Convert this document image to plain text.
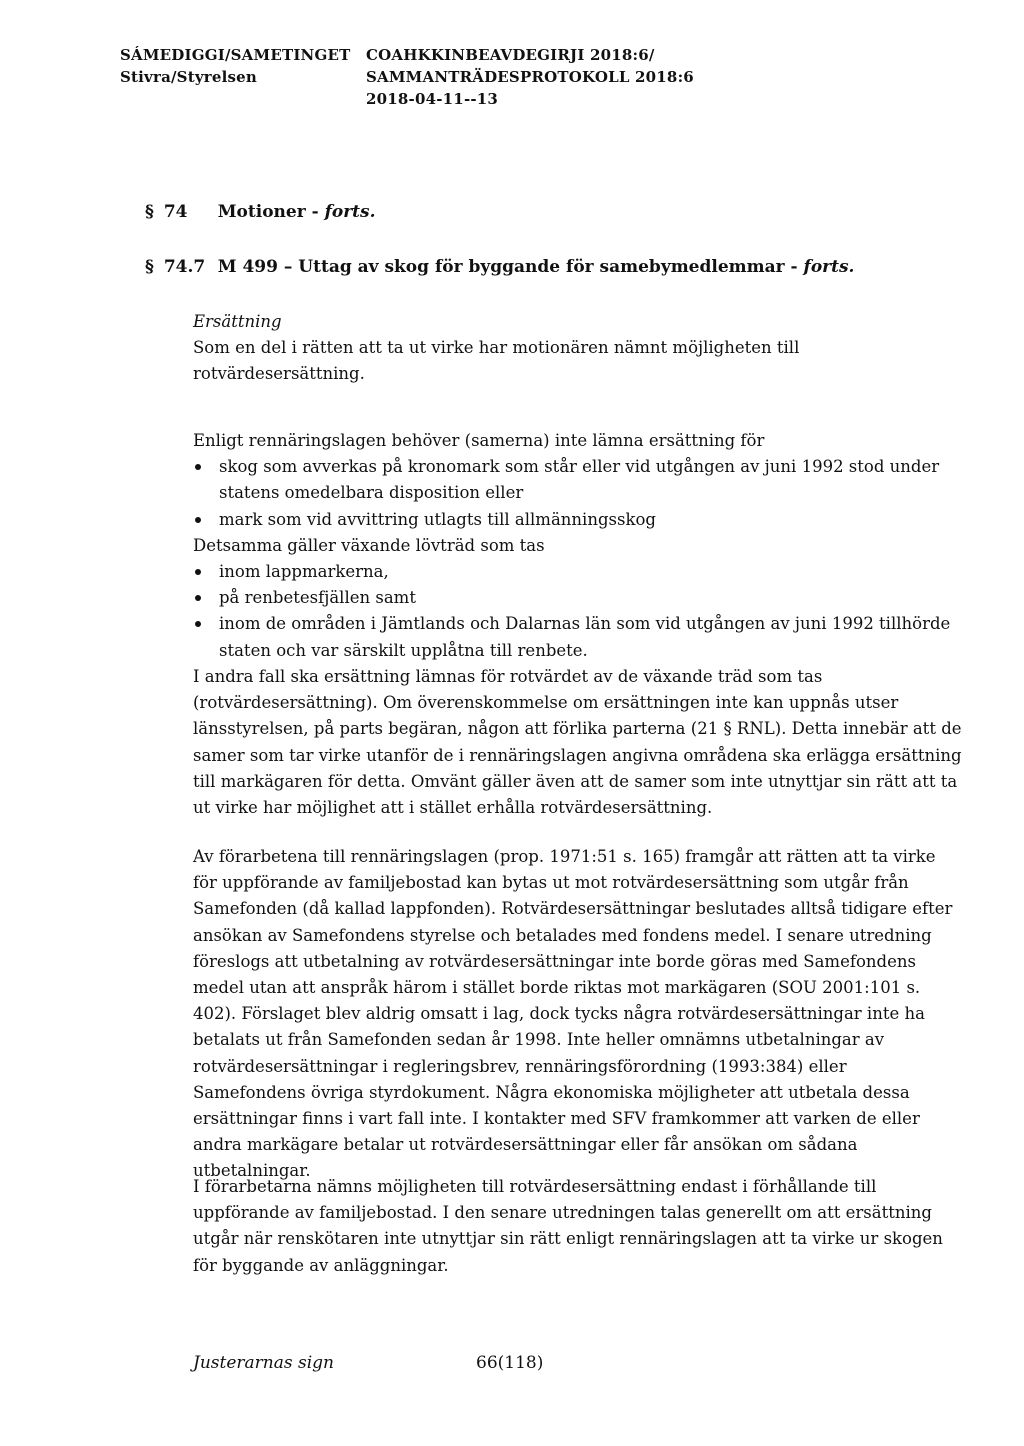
SÁMEDIGGI/SAMETINGET
Stivra/Styrelsen
COAHKKINBEAVDEGIRJI 2018:6/
SAMMANTRÄDESPROTOKOLL 2018:6
2018-04-11--13
§ 74 Motioner - forts.
§ 74.7 M 499 – Uttag av skog för byggande för samebymedlemmar - forts.

Ersättning

Som en del i rätten att ta ut virke har motionären nämnt möjligheten till rotvärdesersättning.

Enligt rennäringslagen behöver (samerna) inte lämna ersättning för

skog som avverkas på kronomark som står eller vid utgången av juni 1992 stod under statens omedelbara disposition eller
mark som vid avvittring utlagts till allmänningsskog

Detsamma gäller växande lövträd som tas

inom lappmarkerna,
på renbetesfjällen samt
inom de områden i Jämtlands och Dalarnas län som vid utgången av juni 1992 tillhörde staten och var särskilt upplåtna till renbete.

I andra fall ska ersättning lämnas för rotvärdet av de växande träd som tas (rotvärdesersättning). Om överenskommelse om ersättningen inte kan uppnås utser länsstyrelsen, på parts begäran, någon att förlika parterna (21 § RNL). Detta innebär att de samer som tar virke utanför de i rennäringslagen angivna områdena ska erlägga ersättning till markägaren för detta. Omvänt gäller även att de samer som inte utnyttjar sin rätt att ta ut virke har möjlighet att i stället erhålla rotvärdesersättning.

Av förarbetena till rennäringslagen (prop. 1971:51 s. 165) framgår att rätten att ta virke för uppförande av familjebostad kan bytas ut mot rotvärdesersättning som utgår från Samefonden (då kallad lappfonden). Rotvärdesersättningar beslutades alltså tidigare efter ansökan av Samefondens styrelse och betalades med fondens medel. I senare utredning föreslogs att utbetalning av rotvärdesersättningar inte borde göras med Samefondens medel utan att anspråk härom i stället borde riktas mot markägaren (SOU 2001:101 s. 402). Förslaget blev aldrig omsatt i lag, dock tycks några rotvärdesersättningar inte ha betalats ut från Samefonden sedan år 1998. Inte heller omnämns utbetalningar av rotvärdesersättningar i regleringsbrev, rennäringsförordning (1993:384) eller Samefondens övriga styrdokument. Några ekonomiska möjligheter att utbetala dessa ersättningar finns i vart fall inte. I kontakter med SFV framkommer att varken de eller andra markägare betalar ut rotvärdesersättningar eller får ansökan om sådana utbetalningar.

I förarbetarna nämns möjligheten till rotvärdesersättning endast i förhållande till uppförande av familjebostad. I den senare utredningen talas generellt om att ersättning utgår när renskötaren inte utnyttjar sin rätt enligt rennäringslagen att ta virke ur skogen för byggande av anläggningar.

Justerarnas sign	66(118)
